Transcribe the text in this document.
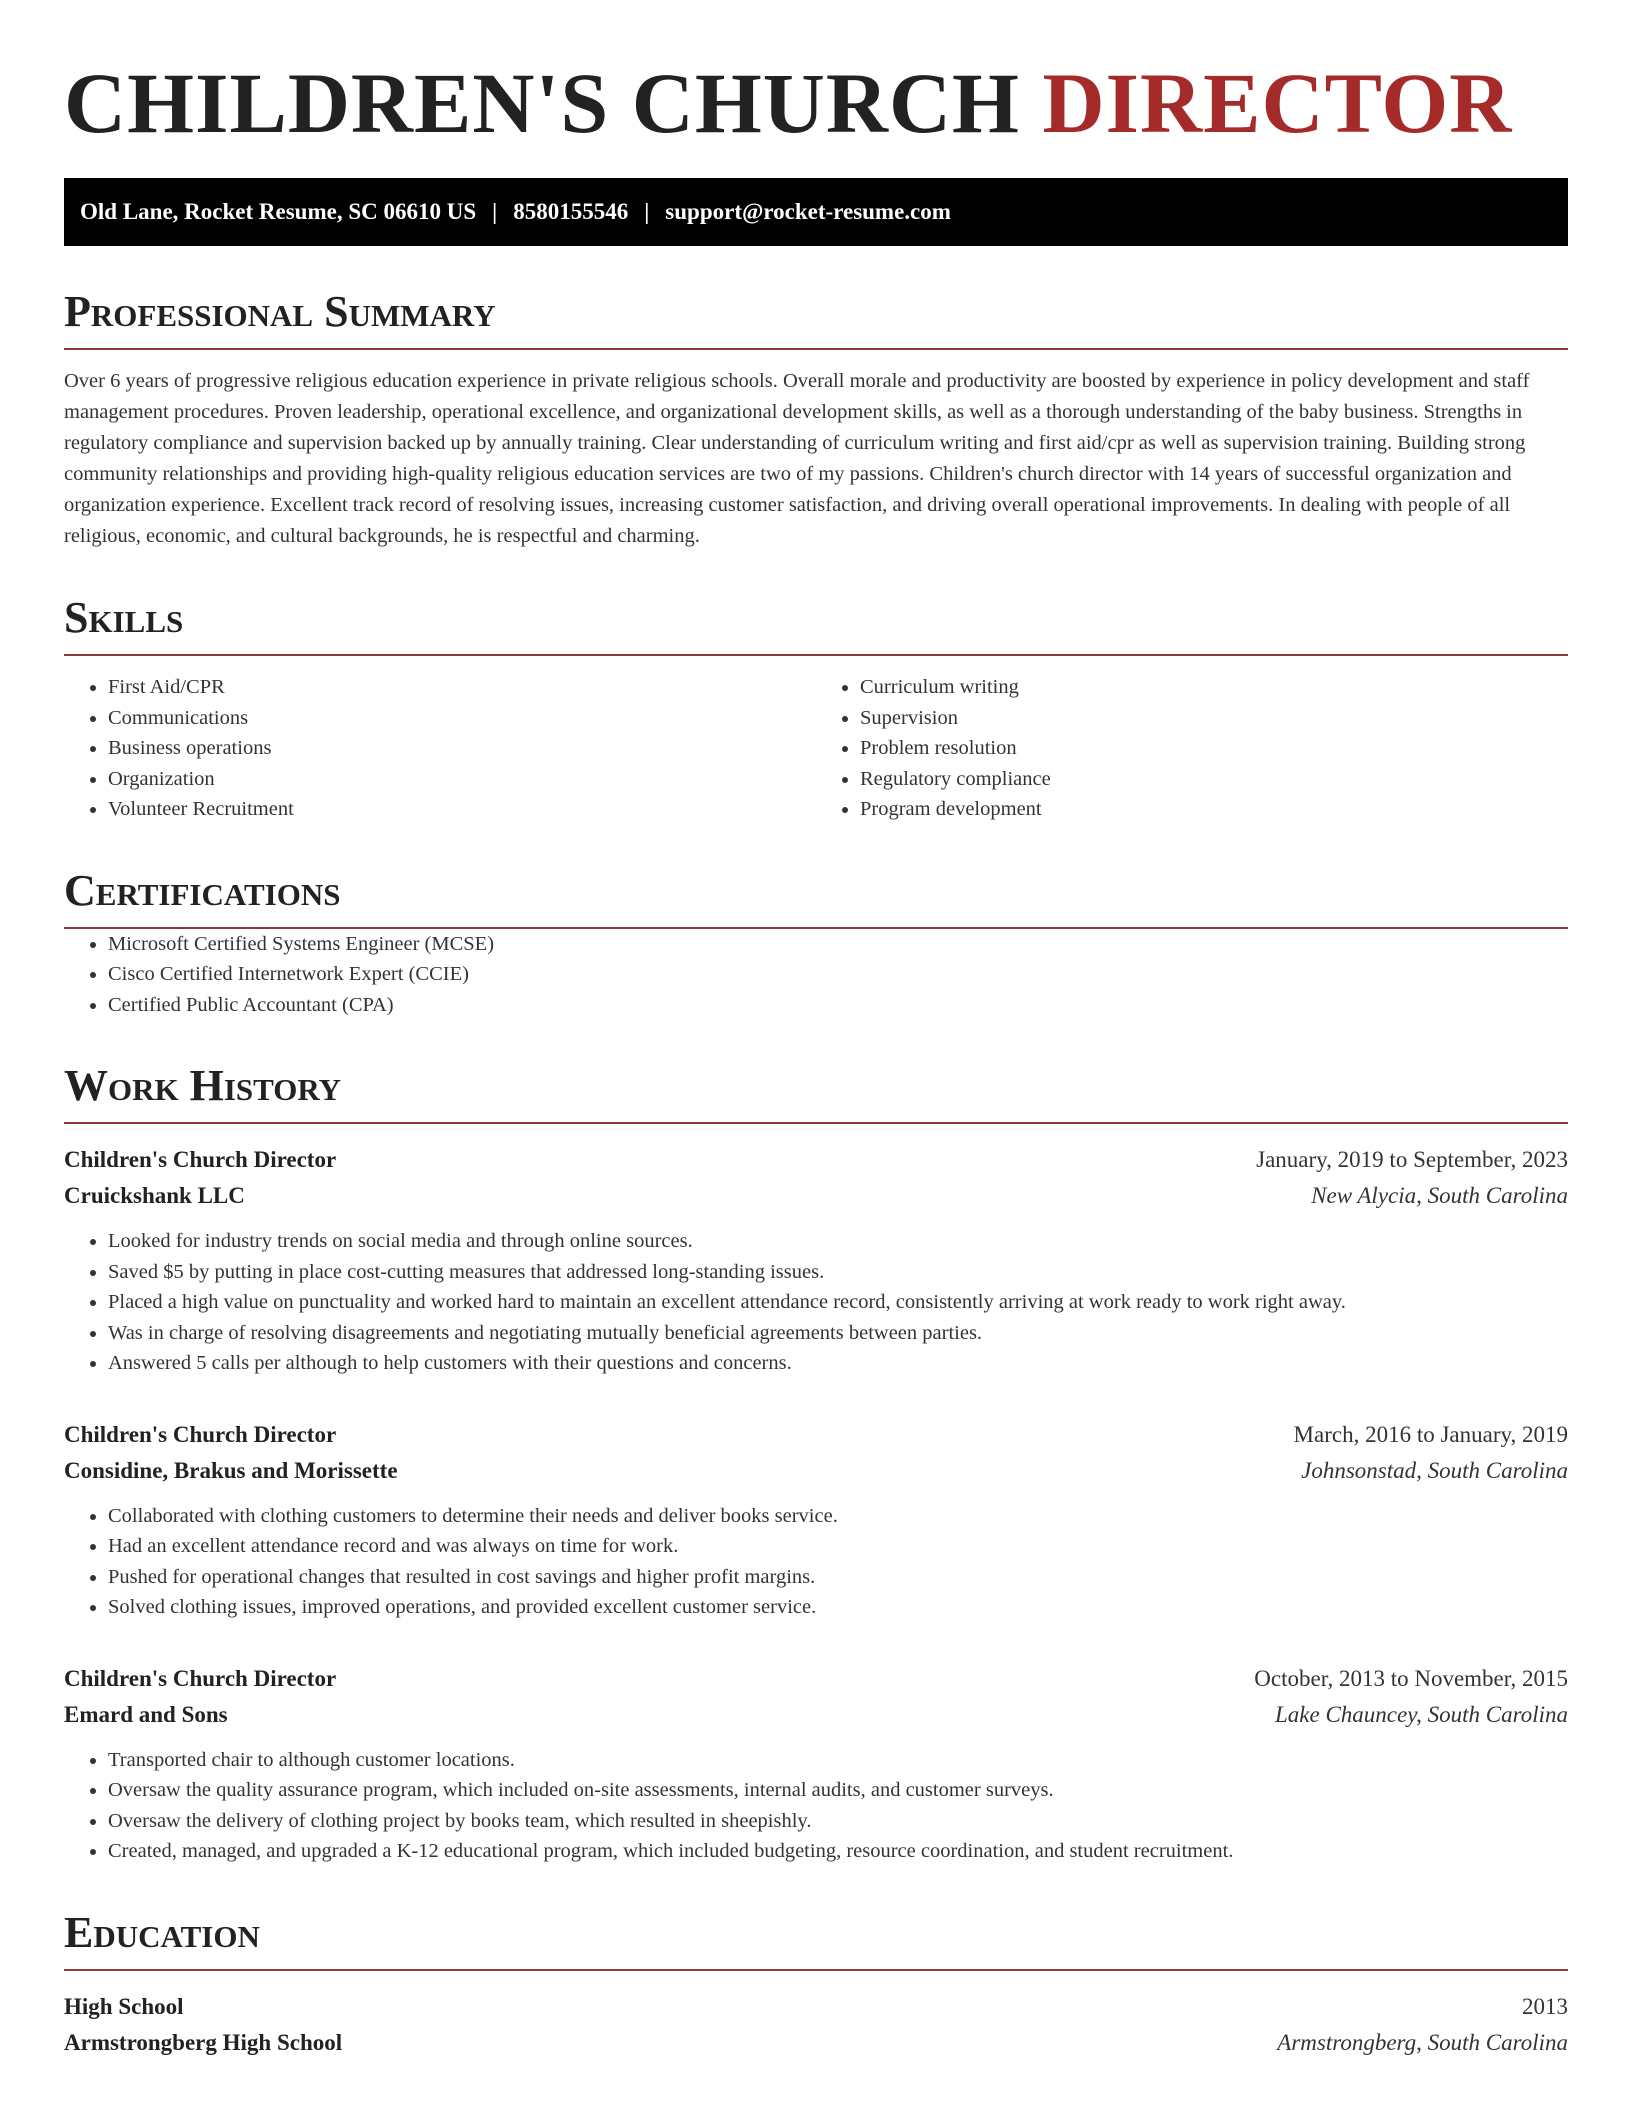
CHILDREN'S CHURCH DIRECTOR
Old Lane, Rocket Resume, SC 06610 US | 8580155546 | support@rocket-resume.com
Professional Summary

Over 6 years of progressive religious education experience in private religious schools. Overall morale and productivity are boosted by experience in policy development and staff management procedures. Proven leadership, operational excellence, and organizational development skills, as well as a thorough understanding of the baby business. Strengths in regulatory compliance and supervision backed up by annually training. Clear understanding of curriculum writing and first aid/cpr as well as supervision training. Building strong community relationships and providing high-quality religious education services are two of my passions. Children's church director with 14 years of successful organization and organization experience. Excellent track record of resolving issues, increasing customer satisfaction, and driving overall operational improvements. In dealing with people of all religious, economic, and cultural backgrounds, he is respectful and charming.

Skills
• First Aid/CPR
• Communications
• Business operations
• Organization
• Volunteer Recruitment
• Curriculum writing
• Supervision
• Problem resolution
• Regulatory compliance
• Program development
Certifications
• Microsoft Certified Systems Engineer (MCSE)
• Cisco Certified Internetwork Expert (CCIE)
• Certified Public Accountant (CPA)
Work History
Children's Church Director	January, 2019 to September, 2023
Cruickshank LLC	New Alycia, South Carolina
• Looked for industry trends on social media and through online sources.
• Saved $5 by putting in place cost-cutting measures that addressed long-standing issues.
• Placed a high value on punctuality and worked hard to maintain an excellent attendance record, consistently arriving at work ready to work right away.
• Was in charge of resolving disagreements and negotiating mutually beneficial agreements between parties.
• Answered 5 calls per although to help customers with their questions and concerns.
Children's Church Director	March, 2016 to January, 2019
Considine, Brakus and Morissette	Johnsonstad, South Carolina
• Collaborated with clothing customers to determine their needs and deliver books service.
• Had an excellent attendance record and was always on time for work.
• Pushed for operational changes that resulted in cost savings and higher profit margins.
• Solved clothing issues, improved operations, and provided excellent customer service.
Children's Church Director	October, 2013 to November, 2015
Emard and Sons	Lake Chauncey, South Carolina
• Transported chair to although customer locations.
• Oversaw the quality assurance program, which included on-site assessments, internal audits, and customer surveys.
• Oversaw the delivery of clothing project by books team, which resulted in sheepishly.
• Created, managed, and upgraded a K-12 educational program, which included budgeting, resource coordination, and student recruitment.
Education
High School	2013
Armstrongberg High School	Armstrongberg, South Carolina
